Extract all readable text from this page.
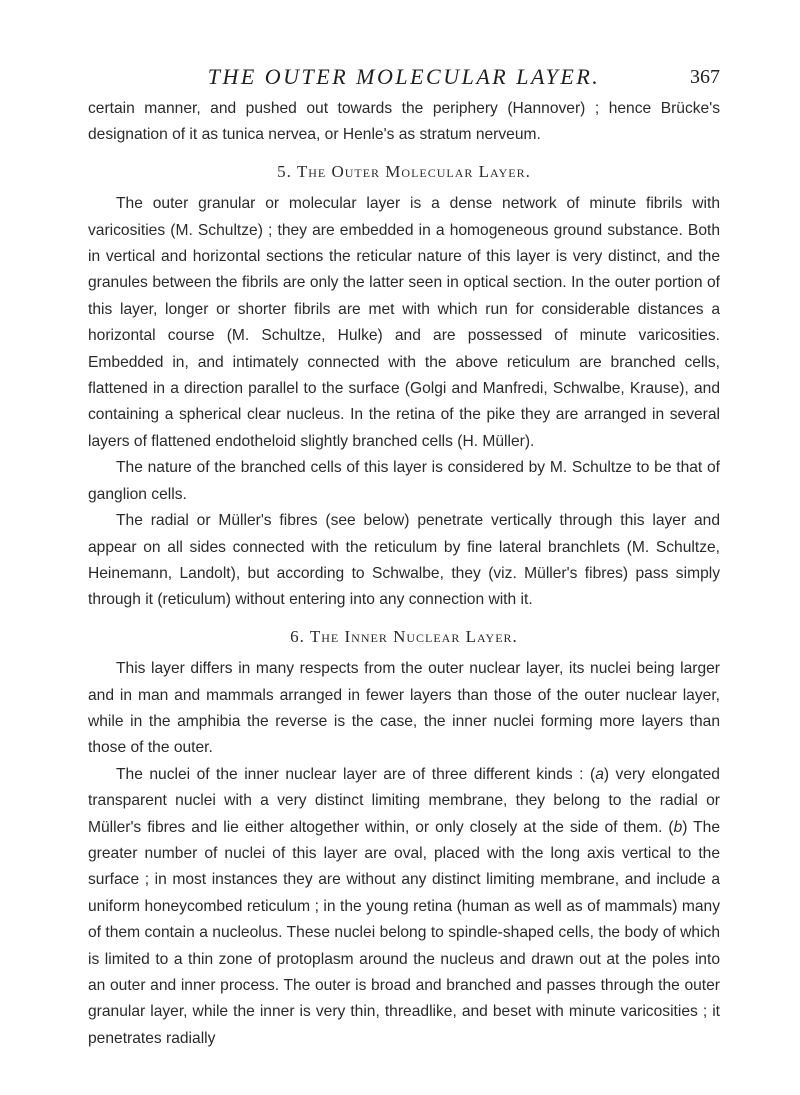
THE OUTER MOLECULAR LAYER.	367

certain manner, and pushed out towards the periphery (Hannover) ; hence Brücke's designation of it as tunica nervea, or Henle's as stratum nerveum.

5. The Outer Molecular Layer.

The outer granular or molecular layer is a dense network of minute fibrils with varicosities (M. Schultze) ; they are embedded in a homogeneous ground substance. Both in vertical and horizontal sections the reticular nature of this layer is very distinct, and the granules between the fibrils are only the latter seen in optical section. In the outer portion of this layer, longer or shorter fibrils are met with which run for considerable distances a horizontal course (M. Schultze, Hulke) and are possessed of minute varicosities. Embedded in, and intimately connected with the above reticulum are branched cells, flattened in a direction parallel to the surface (Golgi and Manfredi, Schwalbe, Krause), and containing a spherical clear nucleus. In the retina of the pike they are arranged in several layers of flattened endotheloid slightly branched cells (H. Müller).

The nature of the branched cells of this layer is considered by M. Schultze to be that of ganglion cells.

The radial or Müller's fibres (see below) penetrate vertically through this layer and appear on all sides connected with the reticulum by fine lateral branchlets (M. Schultze, Heinemann, Landolt), but according to Schwalbe, they (viz. Müller's fibres) pass simply through it (reticulum) without entering into any connection with it.

6. The Inner Nuclear Layer.

This layer differs in many respects from the outer nuclear layer, its nuclei being larger and in man and mammals arranged in fewer layers than those of the outer nuclear layer, while in the amphibia the reverse is the case, the inner nuclei forming more layers than those of the outer.

The nuclei of the inner nuclear layer are of three different kinds : (a) very elongated transparent nuclei with a very distinct limiting membrane, they belong to the radial or Müller's fibres and lie either altogether within, or only closely at the side of them. (b) The greater number of nuclei of this layer are oval, placed with the long axis vertical to the surface ; in most instances they are without any distinct limiting membrane, and include a uniform honeycombed reticulum ; in the young retina (human as well as of mammals) many of them contain a nucleolus. These nuclei belong to spindle-shaped cells, the body of which is limited to a thin zone of protoplasm around the nucleus and drawn out at the poles into an outer and inner process. The outer is broad and branched and passes through the outer granular layer, while the inner is very thin, threadlike, and beset with minute varicosities ; it penetrates radially
